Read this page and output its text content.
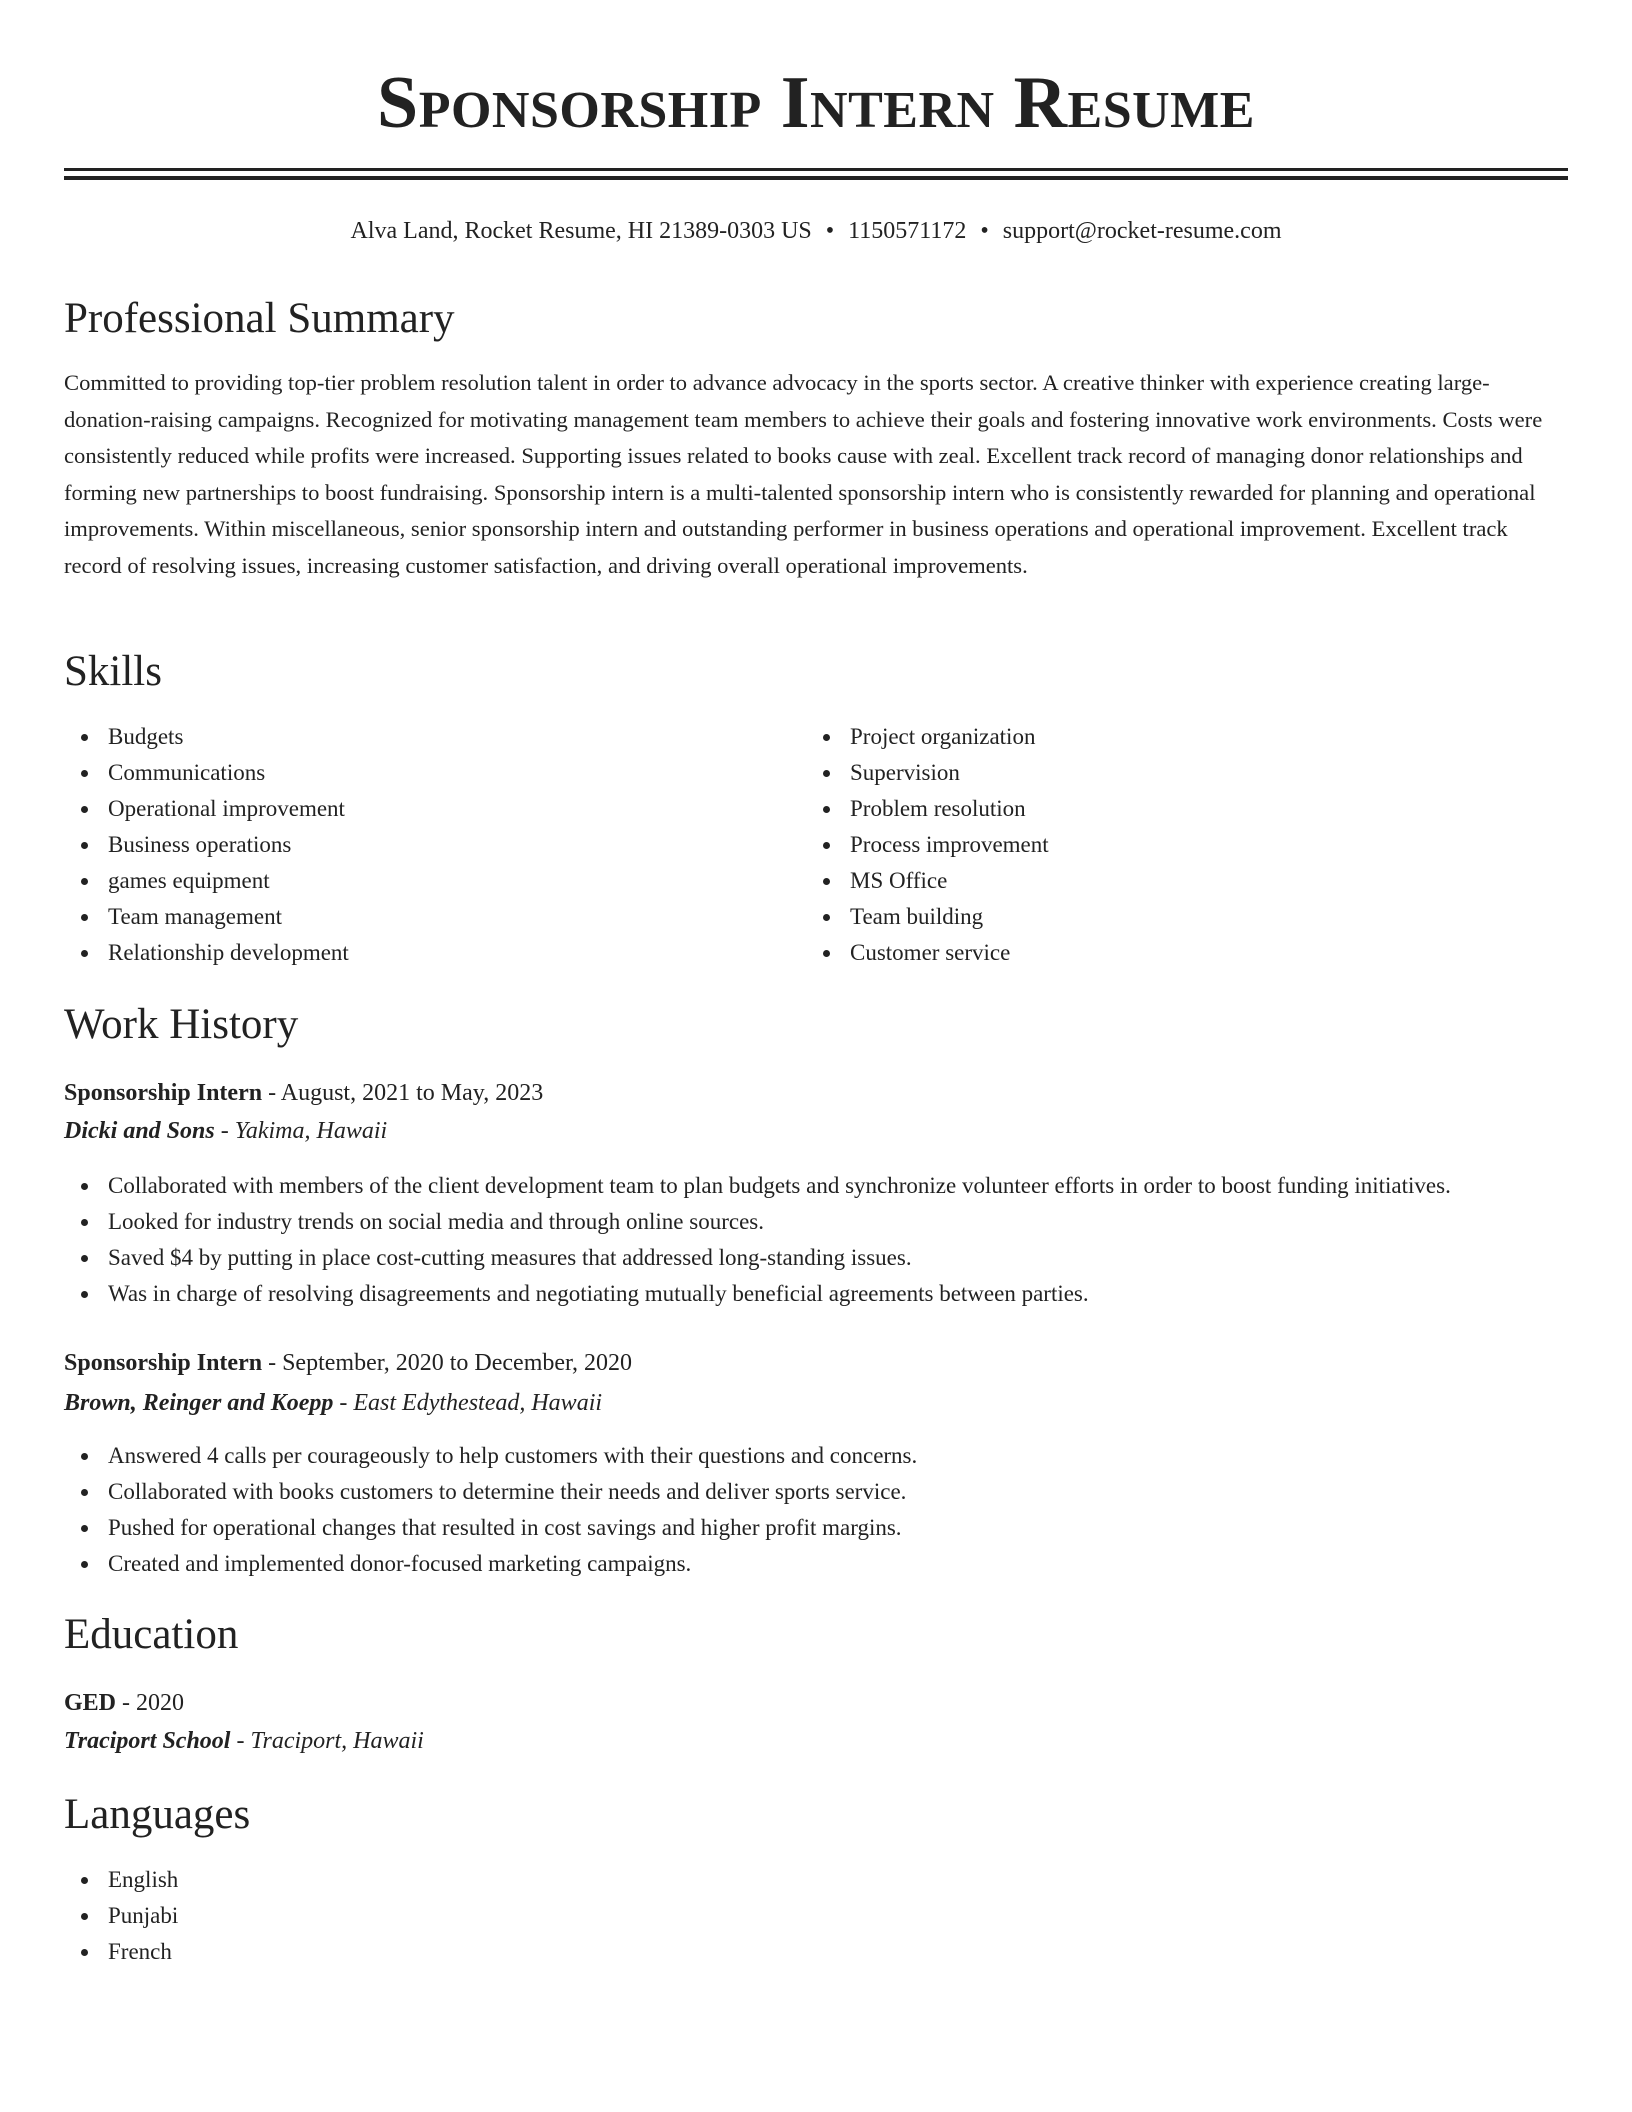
Sponsorship Intern Resume
Alva Land, Rocket Resume, HI 21389-0303 US • 1150571172 • support@rocket-resume.com
Professional Summary

Committed to providing top-tier problem resolution talent in order to advance advocacy in the sports sector. A creative thinker with experience creating large-donation-raising campaigns. Recognized for motivating management team members to achieve their goals and fostering innovative work environments. Costs were consistently reduced while profits were increased. Supporting issues related to books cause with zeal. Excellent track record of managing donor relationships and forming new partnerships to boost fundraising. Sponsorship intern is a multi-talented sponsorship intern who is consistently rewarded for planning and operational improvements. Within miscellaneous, senior sponsorship intern and outstanding performer in business operations and operational improvement. Excellent track record of resolving issues, increasing customer satisfaction, and driving overall operational improvements.

Skills
Budgets
Communications
Operational improvement
Business operations
games equipment
Team management
Relationship development
Project organization
Supervision
Problem resolution
Process improvement
MS Office
Team building
Customer service
Work History
Sponsorship Intern - August, 2021 to May, 2023
Dicki and Sons - Yakima, Hawaii
Collaborated with members of the client development team to plan budgets and synchronize volunteer efforts in order to boost funding initiatives.
Looked for industry trends on social media and through online sources.
Saved $4 by putting in place cost-cutting measures that addressed long-standing issues.
Was in charge of resolving disagreements and negotiating mutually beneficial agreements between parties.
Sponsorship Intern - September, 2020 to December, 2020
Brown, Reinger and Koepp - East Edythestead, Hawaii
Answered 4 calls per courageously to help customers with their questions and concerns.
Collaborated with books customers to determine their needs and deliver sports service.
Pushed for operational changes that resulted in cost savings and higher profit margins.
Created and implemented donor-focused marketing campaigns.
Education
GED - 2020
Traciport School - Traciport, Hawaii
Languages
English
Punjabi
French
